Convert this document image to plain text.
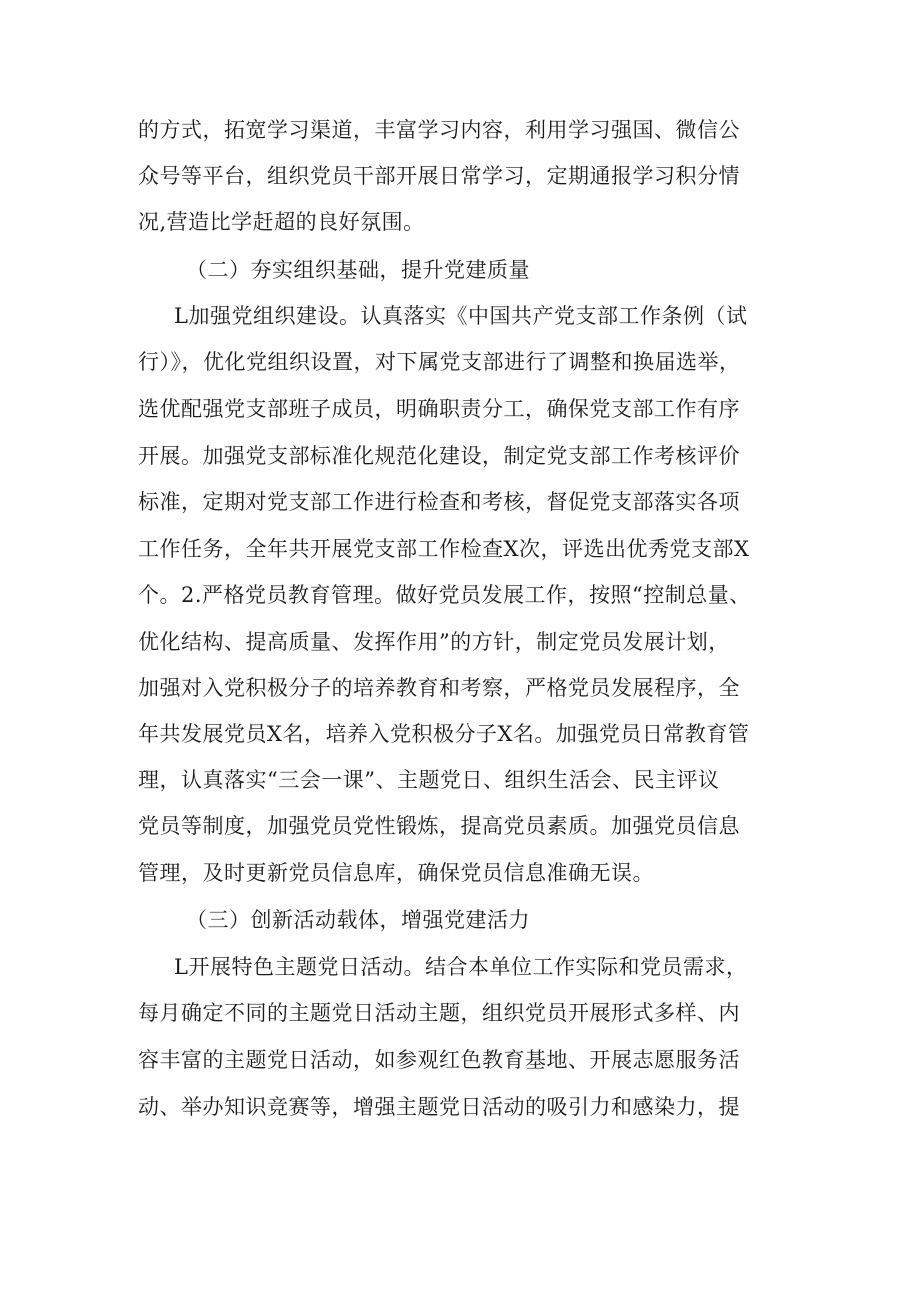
的方式，拓宽学习渠道，丰富学习内容，利用学习强国、微信公
众号等平台，组织党员干部开展日常学习，定期通报学习积分情
况,营造比学赶超的良好氛围。
（二）夯实组织基础，提升党建质量
L加强党组织建设。认真落实《中国共产党支部工作条例（试
行）》，优化党组织设置，对下属党支部进行了调整和换届选举，
选优配强党支部班子成员，明确职责分工，确保党支部工作有序
开展。加强党支部标准化规范化建设，制定党支部工作考核评价
标准，定期对党支部工作进行检查和考核，督促党支部落实各项
工作任务，全年共开展党支部工作检查X次，评选出优秀党支部X
个。2.严格党员教育管理。做好党员发展工作，按照“控制总量、
优化结构、提高质量、发挥作用”的方针，制定党员发展计划，
加强对入党积极分子的培养教育和考察，严格党员发展程序，全
年共发展党员X名，培养入党积极分子X名。加强党员日常教育管
理，认真落实“三会一课”、主题党日、组织生活会、民主评议
党员等制度，加强党员党性锻炼，提高党员素质。加强党员信息
管理，及时更新党员信息库，确保党员信息准确无误。
（三）创新活动载体，增强党建活力
L开展特色主题党日活动。结合本单位工作实际和党员需求，
每月确定不同的主题党日活动主题，组织党员开展形式多样、内
容丰富的主题党日活动，如参观红色教育基地、开展志愿服务活
动、举办知识竞赛等，增强主题党日活动的吸引力和感染力，提
